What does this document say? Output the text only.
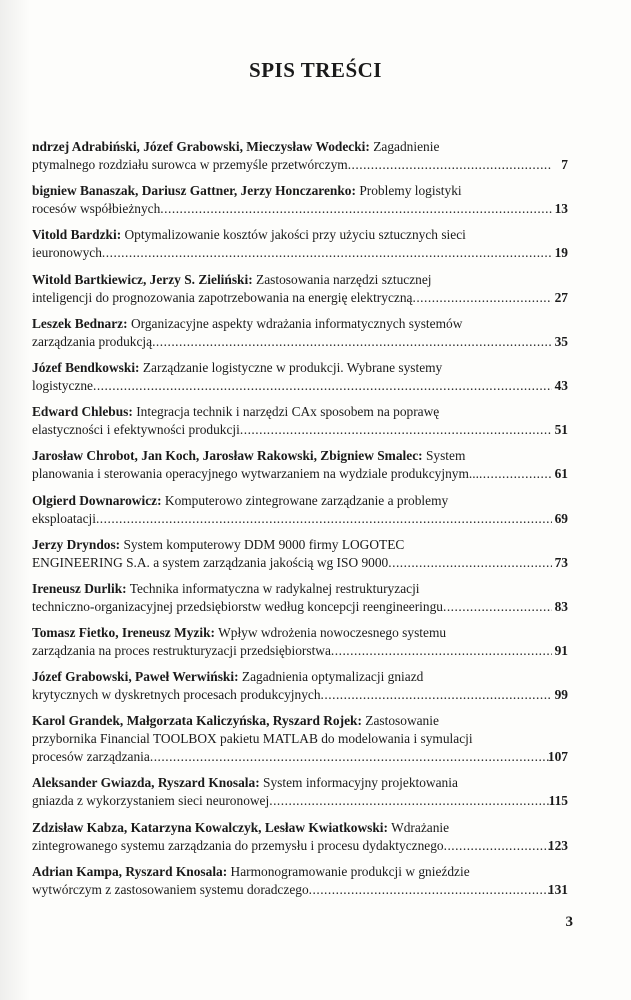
SPIS TREŚCI
ndrzej Adrabiński, Józef Grabowski, Mieczysław Wodecki: Zagadnienie
ptymalnego rozdziału surowca w przemyśle przetwórczym .....	7
bigniew Banaszak, Dariusz Gattner, Jerzy Honczarenko: Problemy logistyki
rocesów współbieżnych .....	13
Vitold Bardzki: Optymalizowanie kosztów jakości przy użyciu sztucznych sieci
ieuronowych .....	19
Witold Bartkiewicz, Jerzy S. Zieliński: Zastosowania narzędzi sztucznej
inteligencji do prognozowania zapotrzebowania na energię elektryczną .....	27
Leszek Bednarz: Organizacyjne aspekty wdrażania informatycznych systemów
zarządzania produkcją .....	35
Józef Bendkowski: Zarządzanie logistyczne w produkcji. Wybrane systemy
logistyczne .....	43
Edward Chlebus: Integracja technik i narzędzi CAx sposobem na poprawę
elastyczności i efektywności produkcji .....	51
Jarosław Chrobot, Jan Koch, Jarosław Rakowski, Zbigniew Smalec: System
planowania i sterowania operacyjnego wytwarzaniem na wydziale produkcyjnym... .....	61
Olgierd Downarowicz: Komputerowo zintegrowane zarządzanie a problemy
eksploatacji .....	69
Jerzy Dryndos: System komputerowy DDM 9000 firmy LOGOTEC
ENGINEERING S.A. a system zarządzania jakością wg ISO 9000 .....	73
Ireneusz Durlik: Technika informatyczna w radykalnej restrukturyzacji
techniczno-organizacyjnej przedsiębiorstw według koncepcji reengineeringu .....	83
Tomasz Fietko, Ireneusz Myzik: Wpływ wdrożenia nowoczesnego systemu
zarządzania na proces restrukturyzacji przedsiębiorstwa .....	91
Józef Grabowski, Paweł Werwiński: Zagadnienia optymalizacji gniazd
krytycznych w dyskretnych procesach produkcyjnych .....	99
Karol Grandek, Małgorzata Kaliczyńska, Ryszard Rojek: Zastosowanie
przybornika Financial TOOLBOX pakietu MATLAB do modelowania i symulacji
procesów zarządzania .....	107
Aleksander Gwiazda, Ryszard Knosala: System informacyjny projektowania
gniazda z wykorzystaniem sieci neuronowej .....	115
Zdzisław Kabza, Katarzyna Kowalczyk, Lesław Kwiatkowski: Wdrażanie
zintegrowanego systemu zarządzania do przemysłu i procesu dydaktycznego .....	123
Adrian Kampa, Ryszard Knosala: Harmonogramowanie produkcji w gnieździe
wytwórczym z zastosowaniem systemu doradczego .....	131
3
